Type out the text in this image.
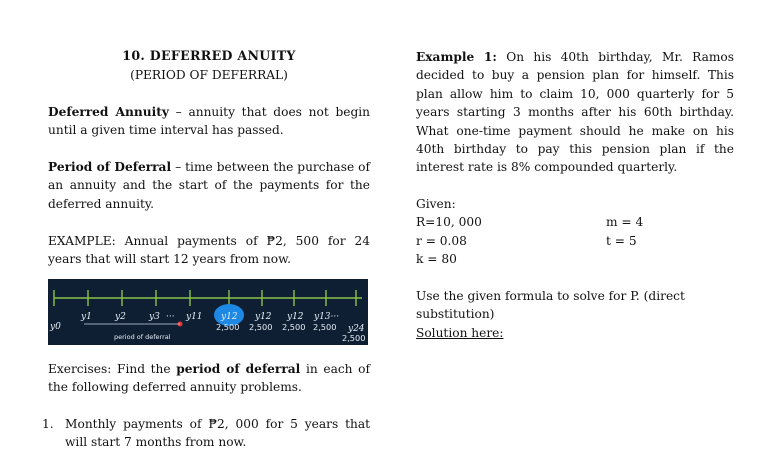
10. DEFERRED ANUITY

(PERIOD OF DEFERRAL)

Deferred Annuity – annuity that does not begin until a given time interval has passed.

Period of Deferral – time between the purchase of an annuity and the start of the payments for the deferred annuity.

EXAMPLE: Annual payments of ₱2, 500 for 24 years that will start 12 years from now.

Exercises: Find the period of deferral in each of the following deferred annuity problems.

1. Monthly payments of ₱2, 000 for 5 years that will start 7 months from now.

y0
y1	y2	y3 ··· y11 y12 y12 y12 y13···
y24
2,500 2,500 2,500 2,500
2,500
period of deferral

Example 1: On his 40th birthday, Mr. Ramos decided to buy a pension plan for himself. This plan allow him to claim 10, 000 quarterly for 5 years starting 3 months after his 60th birthday. What one-time payment should he make on his 40th birthday to pay this pension plan if the interest rate is 8% compounded quarterly.

Given:
R=10, 000	m = 4
r = 0.08	t = 5
k = 80

Use the given formula to solve for P. (direct substitution)

Solution here:
